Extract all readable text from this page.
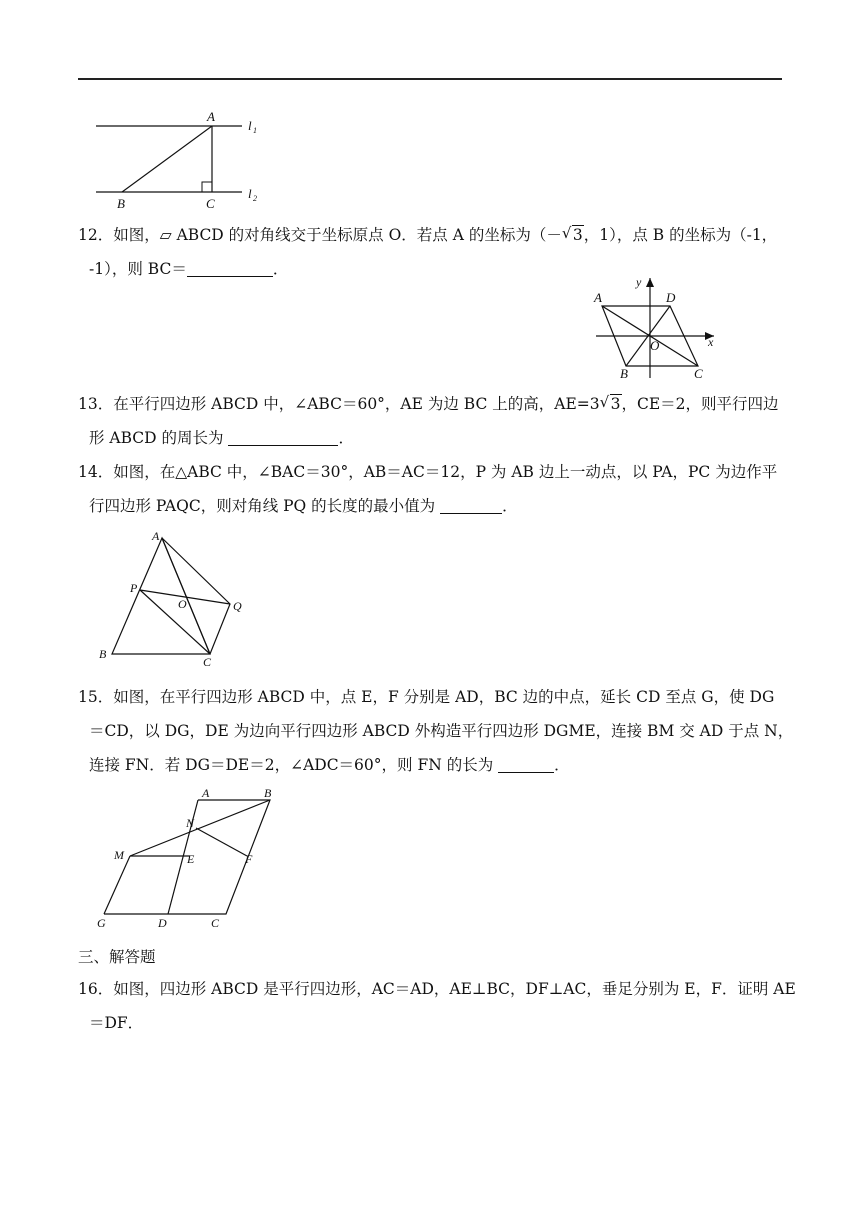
A
B	C
l 1
l 2
12．如图，▱ ABCD 的对角线交于坐标原点 O．若点 A 的坐标为（－ √ 3，1），点 B 的坐标为（-1，
-1），则 BC＝	．
A	D
B	C
O	x
y
13．在平行四边形 ABCD 中，∠ABC＝60°，AE 为边 BC 上的高，AE=3 √ 3，CE＝2，则平行四边
形 ABCD 的周长为	．
14．如图，在△ABC 中，∠BAC＝30°，AB＝AC＝12，P 为 AB 边上一动点，以 PA，PC 为边作平
行四边形 PAQC，则对角线 PQ 的长度的最小值为	．
A
P
O	Q
B
C
15．如图，在平行四边形 ABCD 中，点 E，F 分别是 AD，BC 边的中点，延长 CD 至点 G，使 DG
＝CD，以 DG，DE 为边向平行四边形 ABCD 外构造平行四边形 DGME，连接 BM 交 AD 于点 N，
连接 FN．若 DG＝DE＝2，∠ADC＝60°，则 FN 的长为	．
A	B
N
M	E	F
G	D	C
三、解答题
16．如图，四边形 ABCD 是平行四边形，AC＝AD，AE⊥BC，DF⊥AC，垂足分别为 E，F．证明 AE
＝DF．
